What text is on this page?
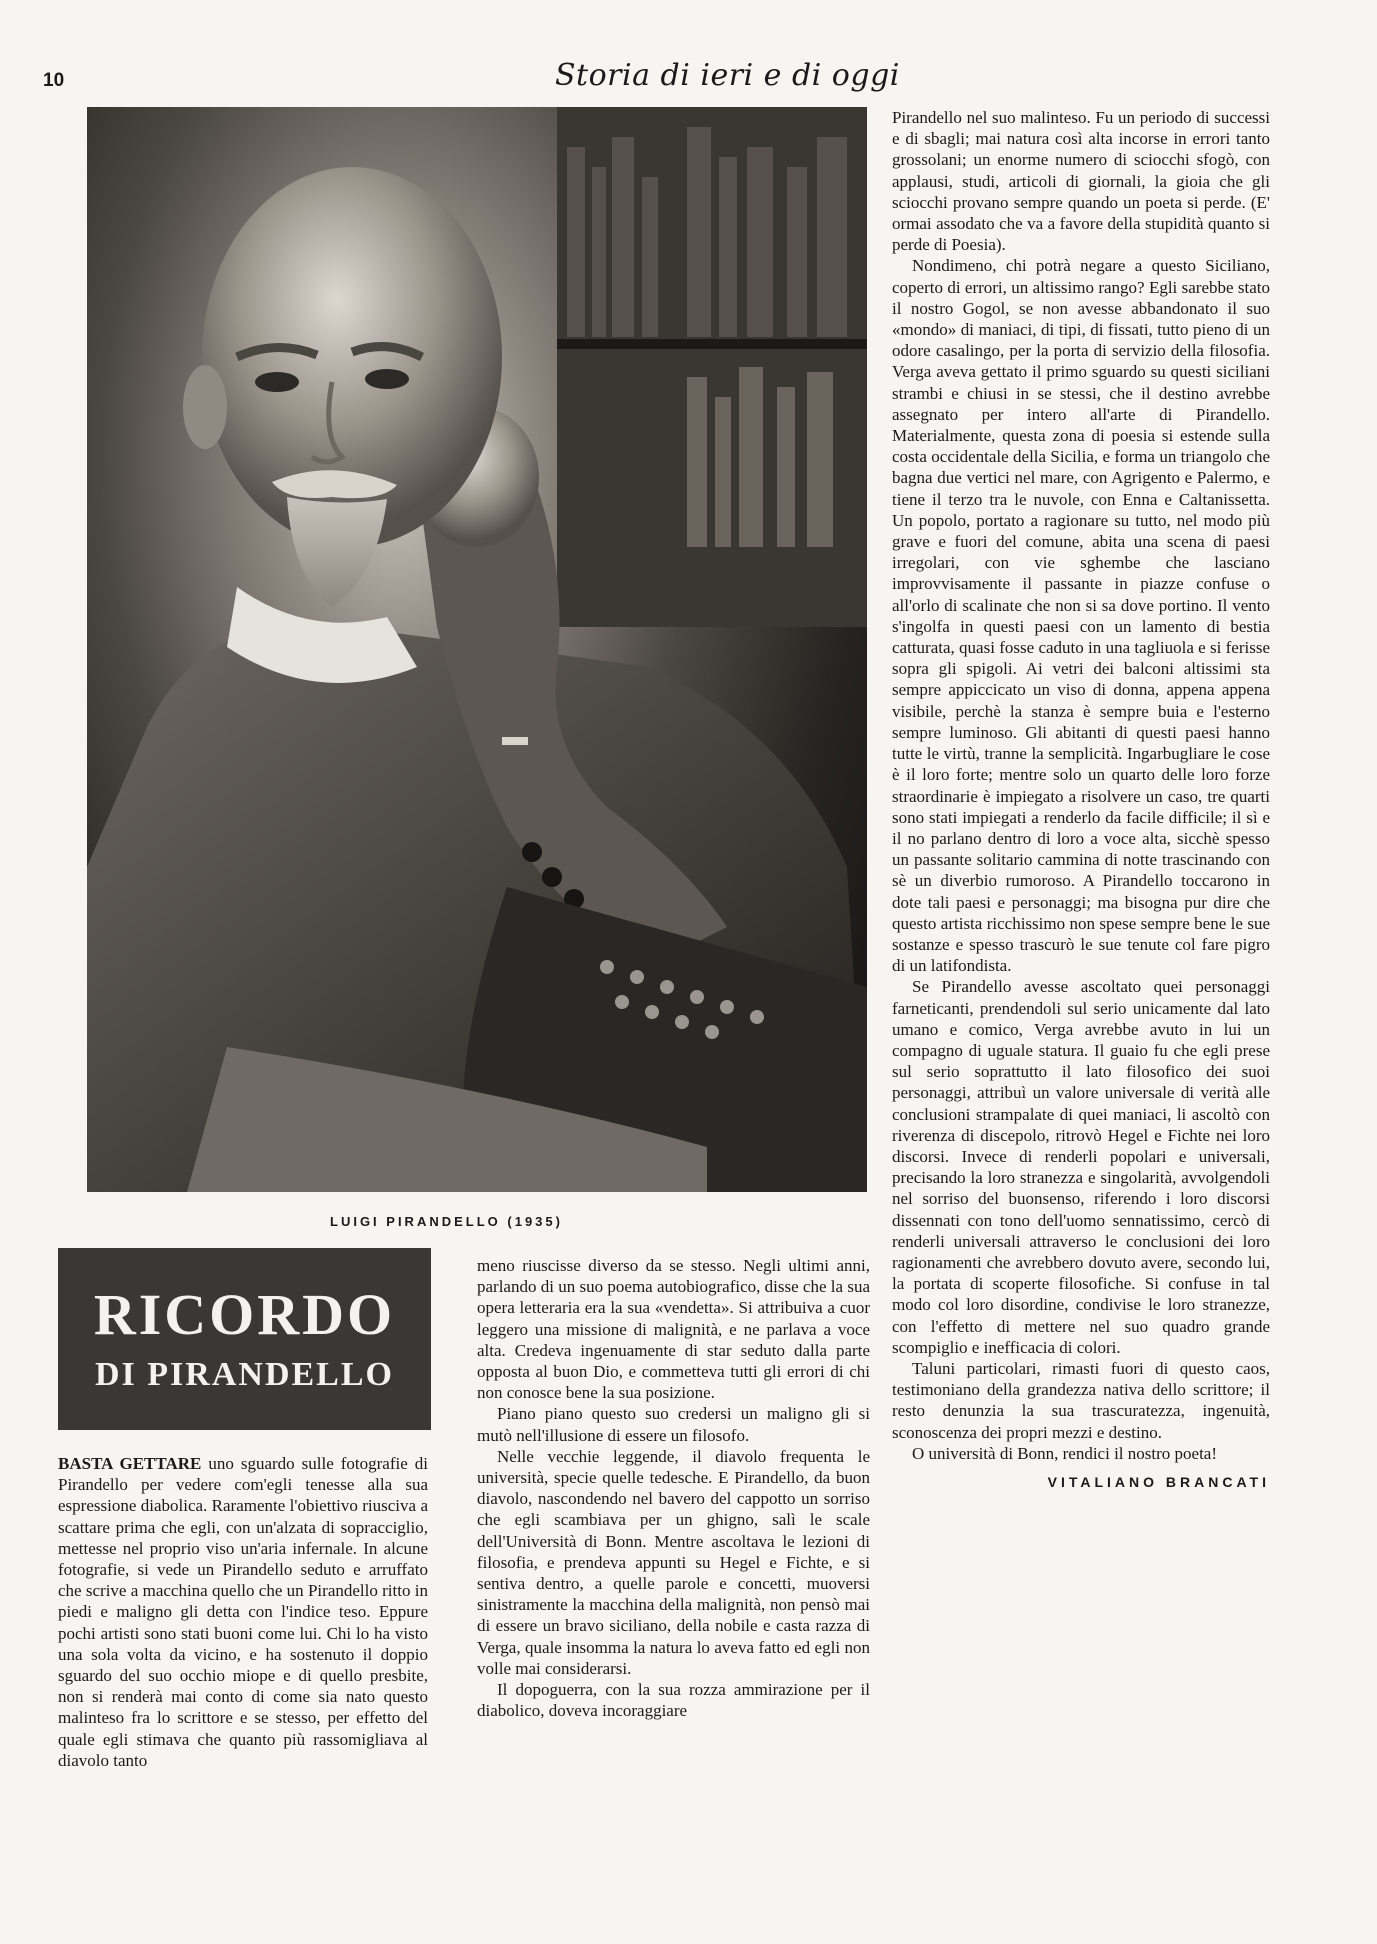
10	Storia di ieri e di oggi
LUIGI PIRANDELLO (1935)
RICORDO
DI PIRANDELLO

BASTA GETTARE uno sguardo sulle fotografie di Pirandello per vedere com'egli tenesse alla sua espressione diabolica. Raramente l'obiettivo riusciva a scattare prima che egli, con un'alzata di sopracciglio, mettesse nel proprio viso un'aria infernale. In alcune fotografie, si vede un Pirandello seduto e arruffato che scrive a macchina quello che un Pirandello ritto in piedi e maligno gli detta con l'indice teso. Eppure pochi artisti sono stati buoni come lui. Chi lo ha visto una sola volta da vicino, e ha sostenuto il doppio sguardo del suo occhio miope e di quello presbite, non si renderà mai conto di come sia nato questo malinteso fra lo scrittore e se stesso, per effetto del quale egli stimava che quanto più rassomigliava al diavolo tanto

meno riuscisse diverso da se stesso. Negli ultimi anni, parlando di un suo poema autobiografico, disse che la sua opera letteraria era la sua «vendetta». Si attribuiva a cuor leggero una missione di malignità, e ne parlava a voce alta. Credeva ingenuamente di star seduto dalla parte opposta al buon Dio, e commetteva tutti gli errori di chi non conosce bene la sua posizione.

Piano piano questo suo credersi un maligno gli si mutò nell'illusione di essere un filosofo.

Nelle vecchie leggende, il diavolo frequenta le università, specie quelle tedesche. E Pirandello, da buon diavolo, nascondendo nel bavero del cappotto un sorriso che egli scambiava per un ghigno, salì le scale dell'Università di Bonn. Mentre ascoltava le lezioni di filosofia, e prendeva appunti su Hegel e Fichte, e si sentiva dentro, a quelle parole e concetti, muoversi sinistramente la macchina della malignità, non pensò mai di essere un bravo siciliano, della nobile e casta razza di Verga, quale insomma la natura lo aveva fatto ed egli non volle mai considerarsi.

Il dopoguerra, con la sua rozza ammirazione per il diabolico, doveva incoraggiare

Pirandello nel suo malinteso. Fu un periodo di successi e di sbagli; mai natura così alta incorse in errori tanto grossolani; un enorme numero di sciocchi sfogò, con applausi, studi, articoli di giornali, la gioia che gli sciocchi provano sempre quando un poeta si perde. (E' ormai assodato che va a favore della stupidità quanto si perde di Poesia).

Nondimeno, chi potrà negare a questo Siciliano, coperto di errori, un altissimo rango? Egli sarebbe stato il nostro Gogol, se non avesse abbandonato il suo «mondo» di maniaci, di tipi, di fissati, tutto pieno di un odore casalingo, per la porta di servizio della filosofia. Verga aveva gettato il primo sguardo su questi siciliani strambi e chiusi in se stessi, che il destino avrebbe assegnato per intero all'arte di Pirandello. Materialmente, questa zona di poesia si estende sulla costa occidentale della Sicilia, e forma un triangolo che bagna due vertici nel mare, con Agrigento e Palermo, e tiene il terzo tra le nuvole, con Enna e Caltanissetta. Un popolo, portato a ragionare su tutto, nel modo più grave e fuori del comune, abita una scena di paesi irregolari, con vie sghembe che lasciano improvvisamente il passante in piazze confuse o all'orlo di scalinate che non si sa dove portino. Il vento s'ingolfa in questi paesi con un lamento di bestia catturata, quasi fosse caduto in una tagliuola e si ferisse sopra gli spigoli. Ai vetri dei balconi altissimi sta sempre appiccicato un viso di donna, appena appena visibile, perchè la stanza è sempre buia e l'esterno sempre luminoso. Gli abitanti di questi paesi hanno tutte le virtù, tranne la semplicità. Ingarbugliare le cose è il loro forte; mentre solo un quarto delle loro forze straordinarie è impiegato a risolvere un caso, tre quarti sono stati impiegati a renderlo da facile difficile; il sì e il no parlano dentro di loro a voce alta, sicchè spesso un passante solitario cammina di notte trascinando con sè un diverbio rumoroso. A Pirandello toccarono in dote tali paesi e personaggi; ma bisogna pur dire che questo artista ricchissimo non spese sempre bene le sue sostanze e spesso trascurò le sue tenute col fare pigro di un latifondista.

Se Pirandello avesse ascoltato quei personaggi farneticanti, prendendoli sul serio unicamente dal lato umano e comico, Verga avrebbe avuto in lui un compagno di uguale statura. Il guaio fu che egli prese sul serio soprattutto il lato filosofico dei suoi personaggi, attribuì un valore universale di verità alle conclusioni strampalate di quei maniaci, li ascoltò con riverenza di discepolo, ritrovò Hegel e Fichte nei loro discorsi. Invece di renderli popolari e universali, precisando la loro stranezza e singolarità, avvolgendoli nel sorriso del buonsenso, riferendo i loro discorsi dissennati con tono dell'uomo sennatissimo, cercò di renderli universali attraverso le conclusioni dei loro ragionamenti che avrebbero dovuto avere, secondo lui, la portata di scoperte filosofiche. Si confuse in tal modo col loro disordine, condivise le loro stranezze, con l'effetto di mettere nel suo quadro grande scompiglio e inefficacia di colori.

Taluni particolari, rimasti fuori di questo caos, testimoniano della grandezza nativa dello scrittore; il resto denunzia la sua trascuratezza, ingenuità, sconoscenza dei propri mezzi e destino.

O università di Bonn, rendici il nostro poeta!

VITALIANO BRANCATI
